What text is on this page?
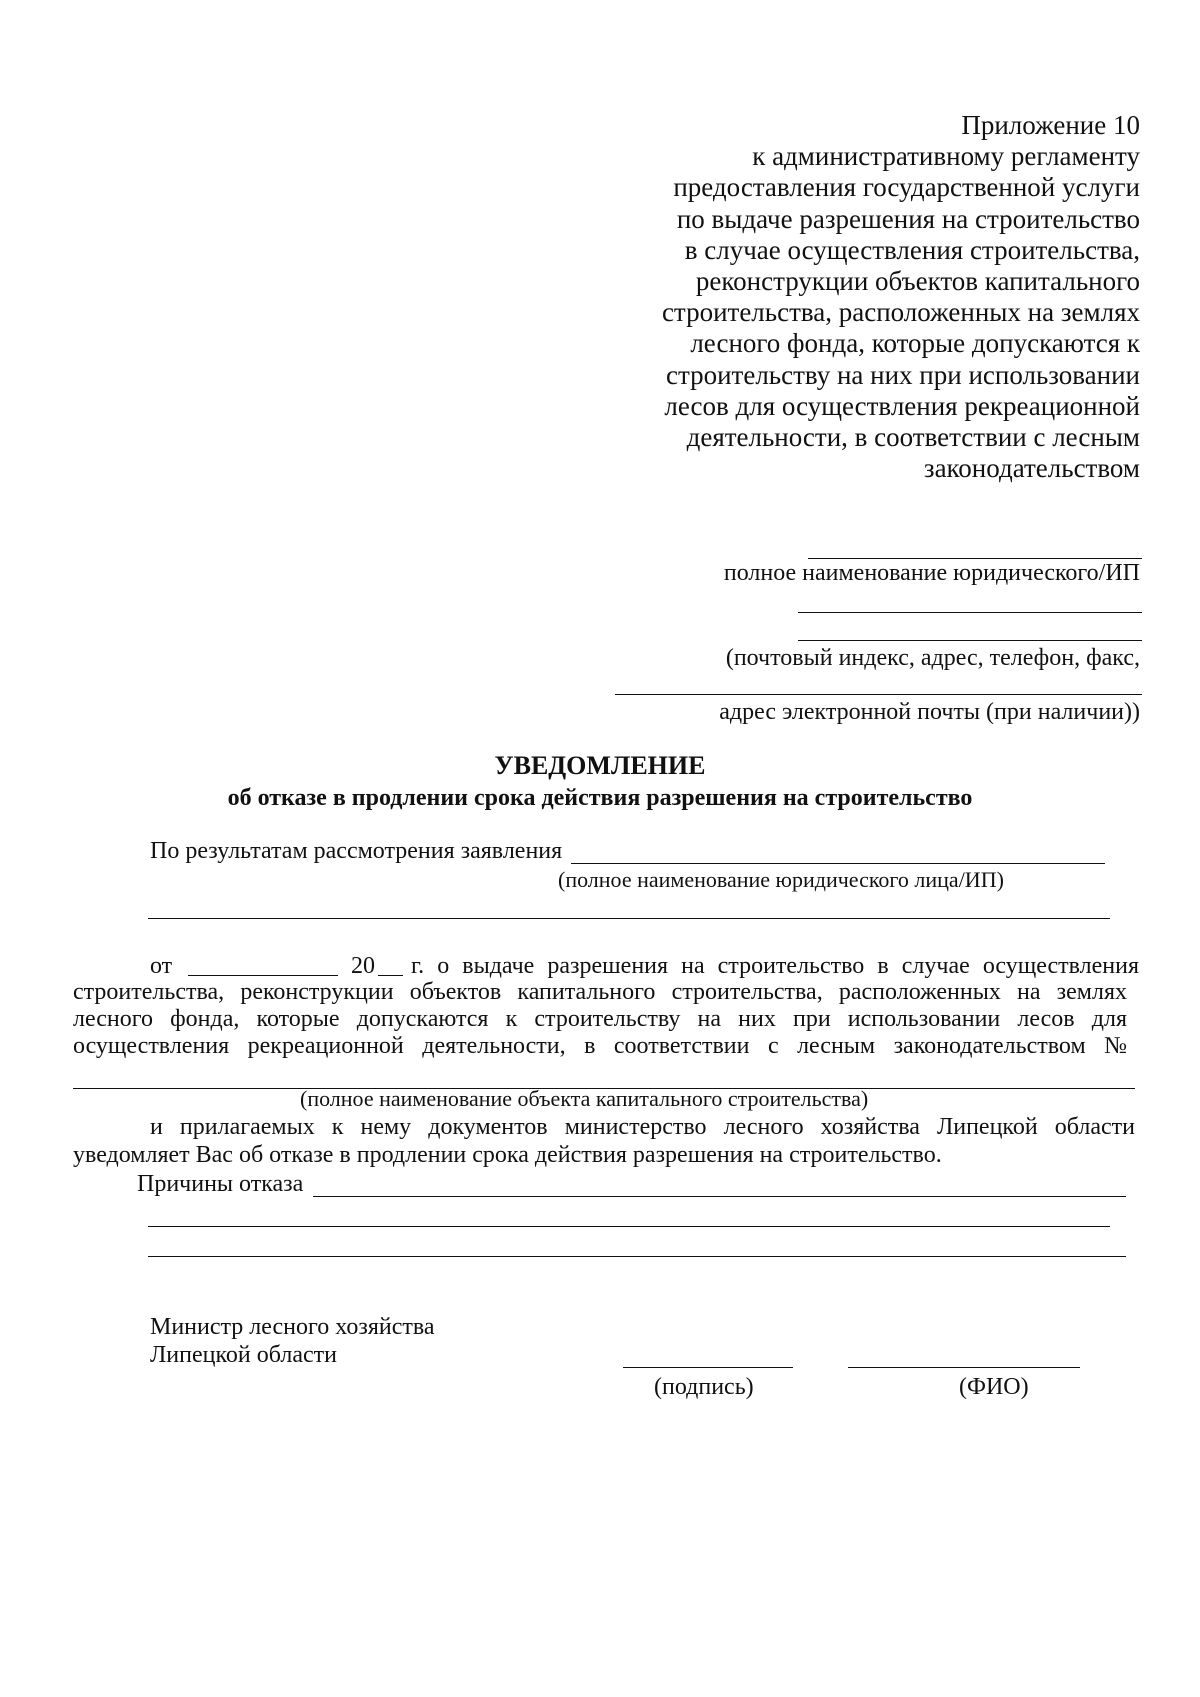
Приложение 10
к административному регламенту
предоставления государственной услуги
по выдаче разрешения на строительство
в случае осуществления строительства,
реконструкции объектов капитального
строительства, расположенных на землях
лесного фонда, которые допускаются к
строительству на них при использовании
лесов для осуществления рекреационной
деятельности, в соответствии с лесным
законодательством
полное наименование юридического/ИП
(почтовый индекс, адрес, телефон, факс,
адрес электронной почты (при наличии))
УВЕДОМЛЕНИЕ
об отказе в продлении срока действия разрешения на строительство
По результатам рассмотрения заявления
(полное наименование юридического лица/ИП)
от	20 г. о выдаче разрешения на строительство в случае осуществления
строительства, реконструкции объектов капитального строительства, расположенных на землях
лесного фонда, которые допускаются к строительству на них при использовании лесов для
осуществления рекреационной деятельности, в соответствии с лесным законодательством №
(полное наименование объекта капитального строительства)
и прилагаемых к нему документов министерство лесного хозяйства Липецкой области
уведомляет Вас об отказе в продлении срока действия разрешения на строительство.
Причины отказа
Министр лесного хозяйства
Липецкой области
(подпись)	(ФИО)
